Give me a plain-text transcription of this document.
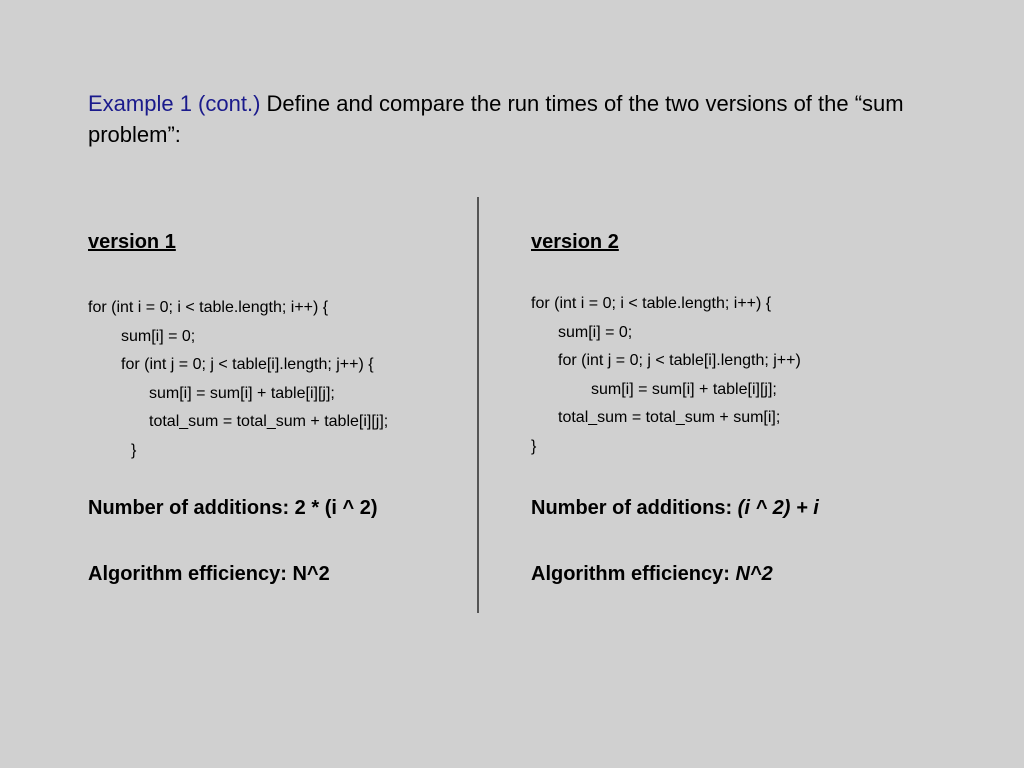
Example 1 (cont.) Define and compare the run times of the two versions of the “sum problem”:
version 1
for (int i = 0; i < table.length; i++) {
sum[i] = 0;
for (int j = 0; j < table[i].length; j++) {
sum[i] = sum[i] + table[i][j];
total_sum = total_sum + table[i][j];
}

Number of additions: 2 * (i ^ 2)

Algorithm efficiency: N^2

version 2
for (int i = 0; i < table.length; i++) {
sum[i] = 0;
for (int j = 0; j < table[i].length; j++)
sum[i] = sum[i] + table[i][j];
total_sum = total_sum + sum[i];
}

Number of additions: (i ^ 2) + i

Algorithm efficiency: N^2
